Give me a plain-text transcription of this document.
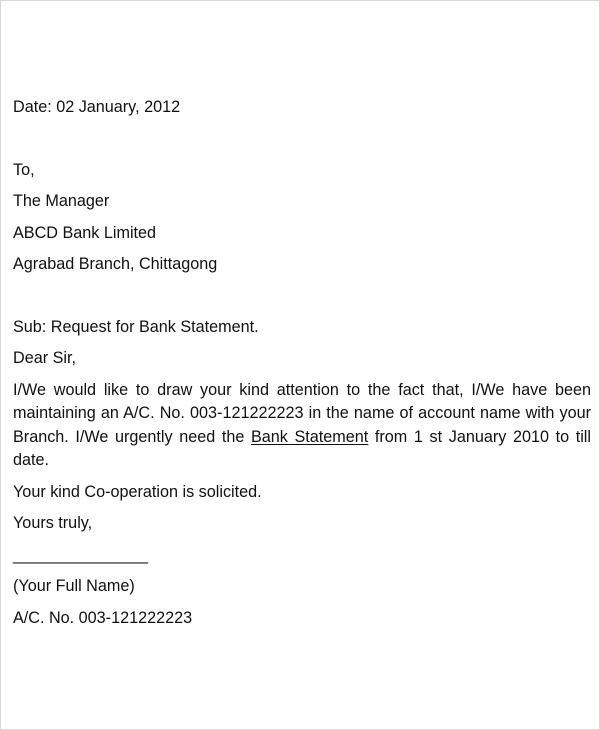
Date: 02 January, 2012
To,
The Manager
ABCD Bank Limited
Agrabad Branch, Chittagong
Sub: Request for Bank Statement.
Dear Sir,
I/We would like to draw your kind attention to the fact that, I/We have been maintaining an A/C. No. 003-121222223 in the name of account name with your Branch. I/We urgently need the Bank Statement from 1 st January 2010 to till date.
Your kind Co-operation is solicited.
Yours truly,
_______________
(Your Full Name)
A/C. No. 003-121222223
